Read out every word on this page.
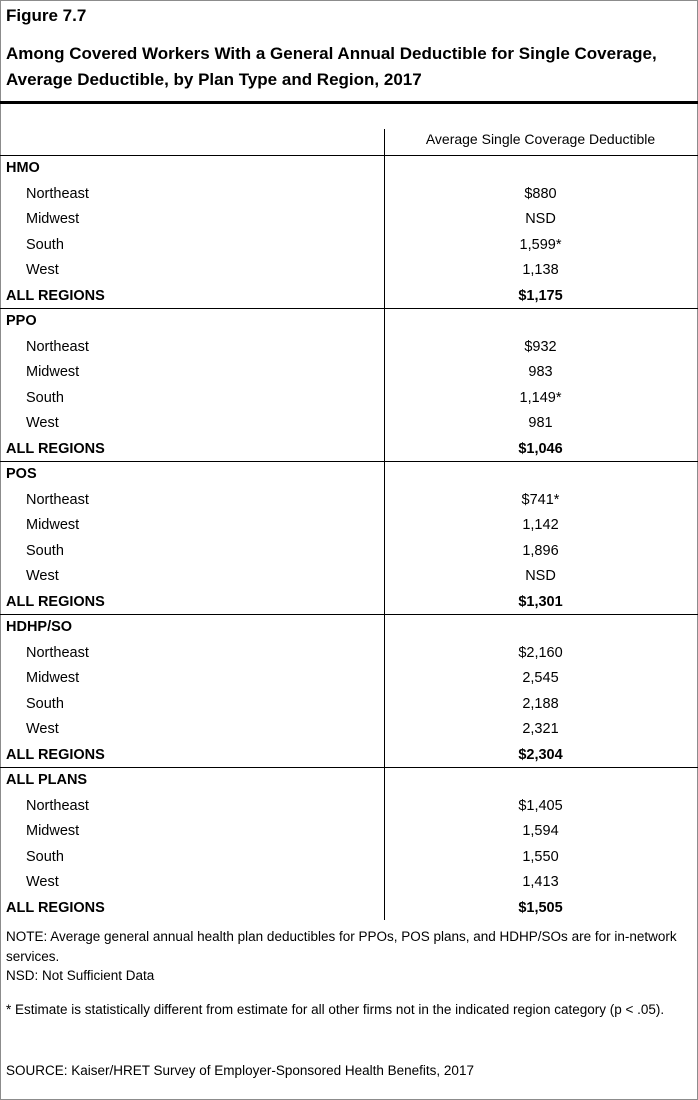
Figure 7.7
Among Covered Workers With a General Annual Deductible for Single Coverage, Average Deductible, by Plan Type and Region, 2017
Average Single Coverage Deductible
HMO
Northeast	$880
Midwest	NSD
South	1,599*
West	1,138
ALL REGIONS	$1,175
PPO
Northeast	$932
Midwest	983
South	1,149*
West	981
ALL REGIONS	$1,046
POS
Northeast	$741*
Midwest	1,142
South	1,896
West	NSD
ALL REGIONS	$1,301
HDHP/SO
Northeast	$2,160
Midwest	2,545
South	2,188
West	2,321
ALL REGIONS	$2,304
ALL PLANS
Northeast	$1,405
Midwest	1,594
South	1,550
West	1,413
ALL REGIONS	$1,505
NOTE: Average general annual health plan deductibles for PPOs, POS plans, and HDHP/SOs are for in-network services.
NSD: Not Sufficient Data
* Estimate is statistically different from estimate for all other firms not in the indicated region category (p < .05).
SOURCE: Kaiser/HRET Survey of Employer-Sponsored Health Benefits, 2017
